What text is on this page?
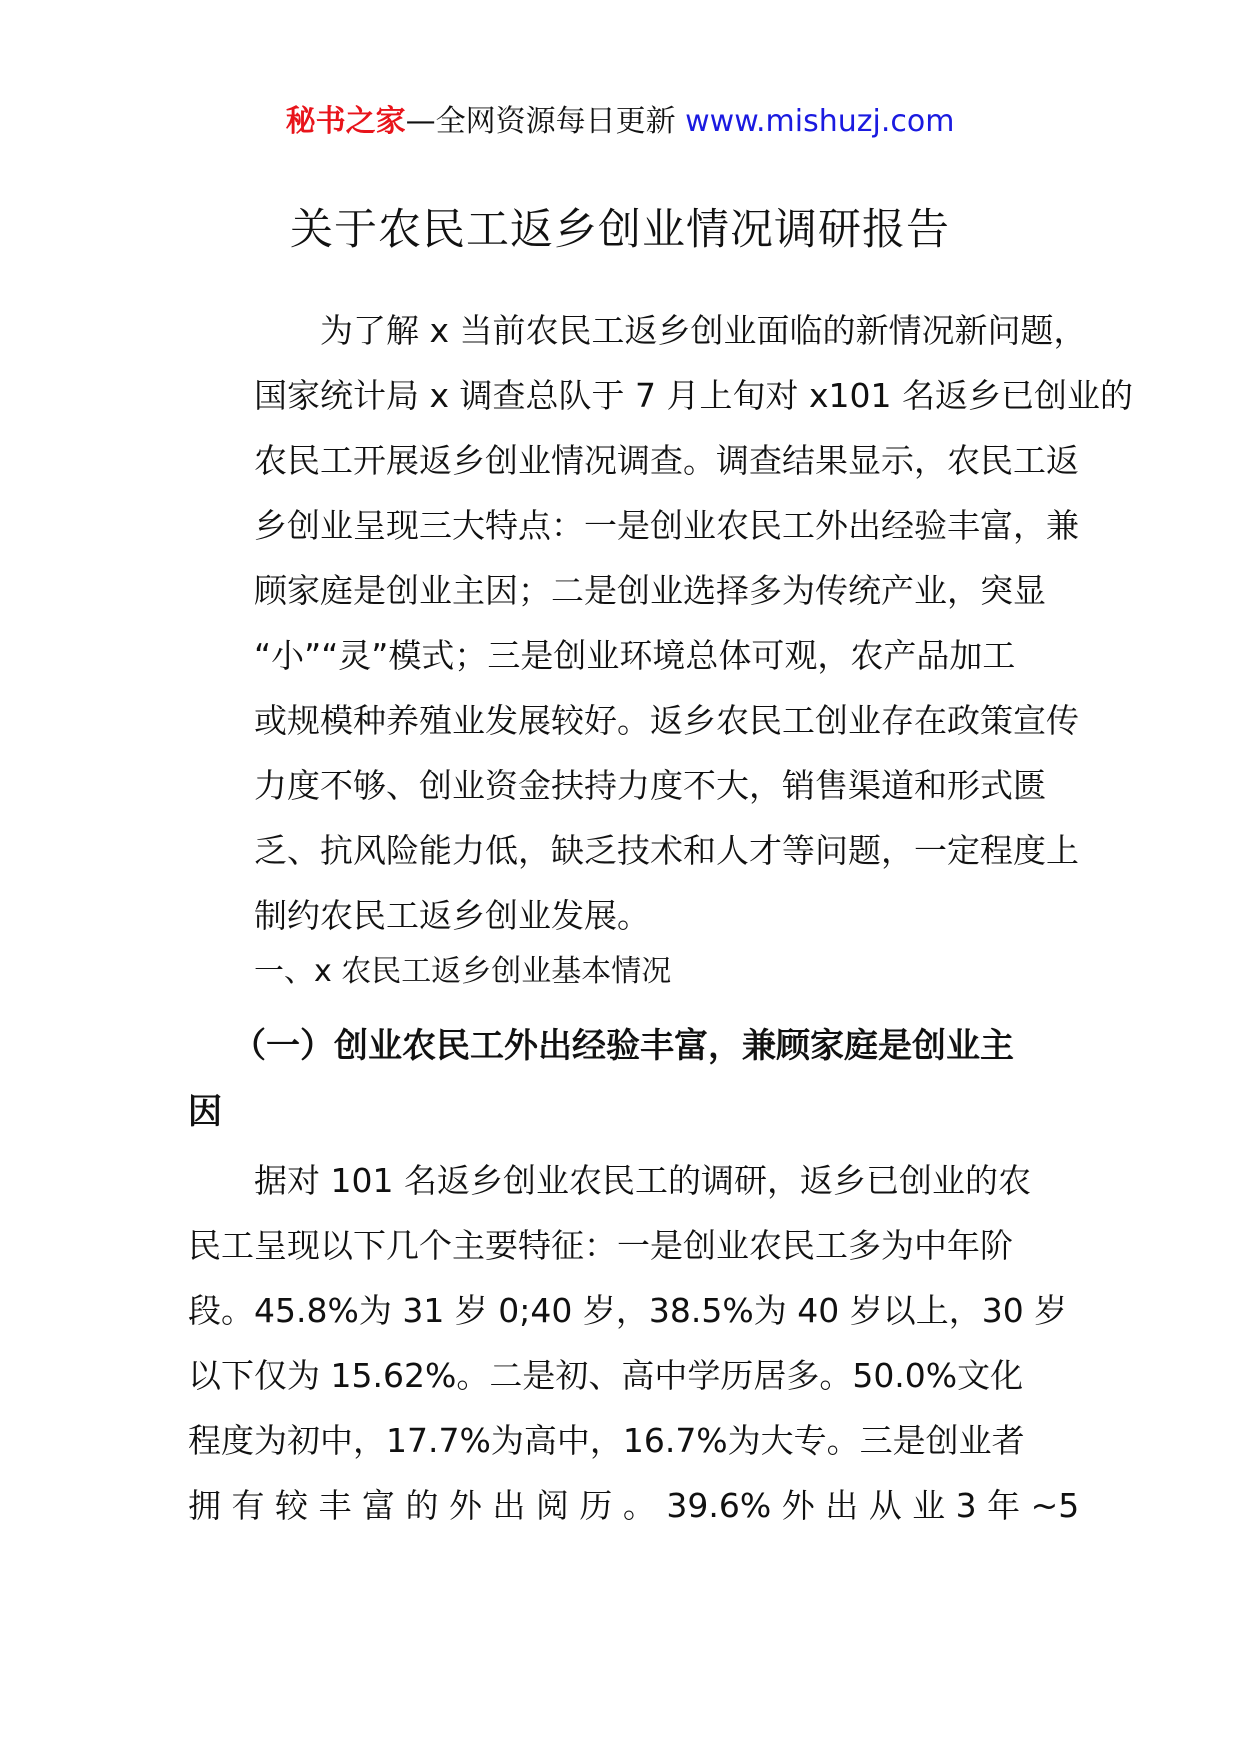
秘书之家—全网资源每日更新 www.mishuzj.com
关于农民工返乡创业情况调研报告
为了解 x 当前农民工返乡创业面临的新情况新问题，
国家统计局 x 调查总队于 7 月上旬对 x101 名返乡已创业的
农民工开展返乡创业情况调查。调查结果显示，农民工返
乡创业呈现三大特点：一是创业农民工外出经验丰富，兼
顾家庭是创业主因；二是创业选择多为传统产业，突显
“小”“灵”模式；三是创业环境总体可观，农产品加工
或规模种养殖业发展较好。返乡农民工创业存在政策宣传
力度不够、创业资金扶持力度不大，销售渠道和形式匮
乏、抗风险能力低，缺乏技术和人才等问题，一定程度上
制约农民工返乡创业发展。
一、x 农民工返乡创业基本情况
（一）创业农民工外出经验丰富，兼顾家庭是创业主
因
据对 101 名返乡创业农民工的调研，返乡已创业的农
民工呈现以下几个主要特征：一是创业农民工多为中年阶
段。45.8%为 31 岁 0;40 岁，38.5%为 40 岁以上，30 岁
以下仅为 15.62%。二是初、高中学历居多。50.0%文化
程度为初中，17.7%为高中，16.7%为大专。三是创业者
拥 有 较 丰 富 的 外 出 阅 历 。 39.6% 外 出 从 业 3 年 ~5
